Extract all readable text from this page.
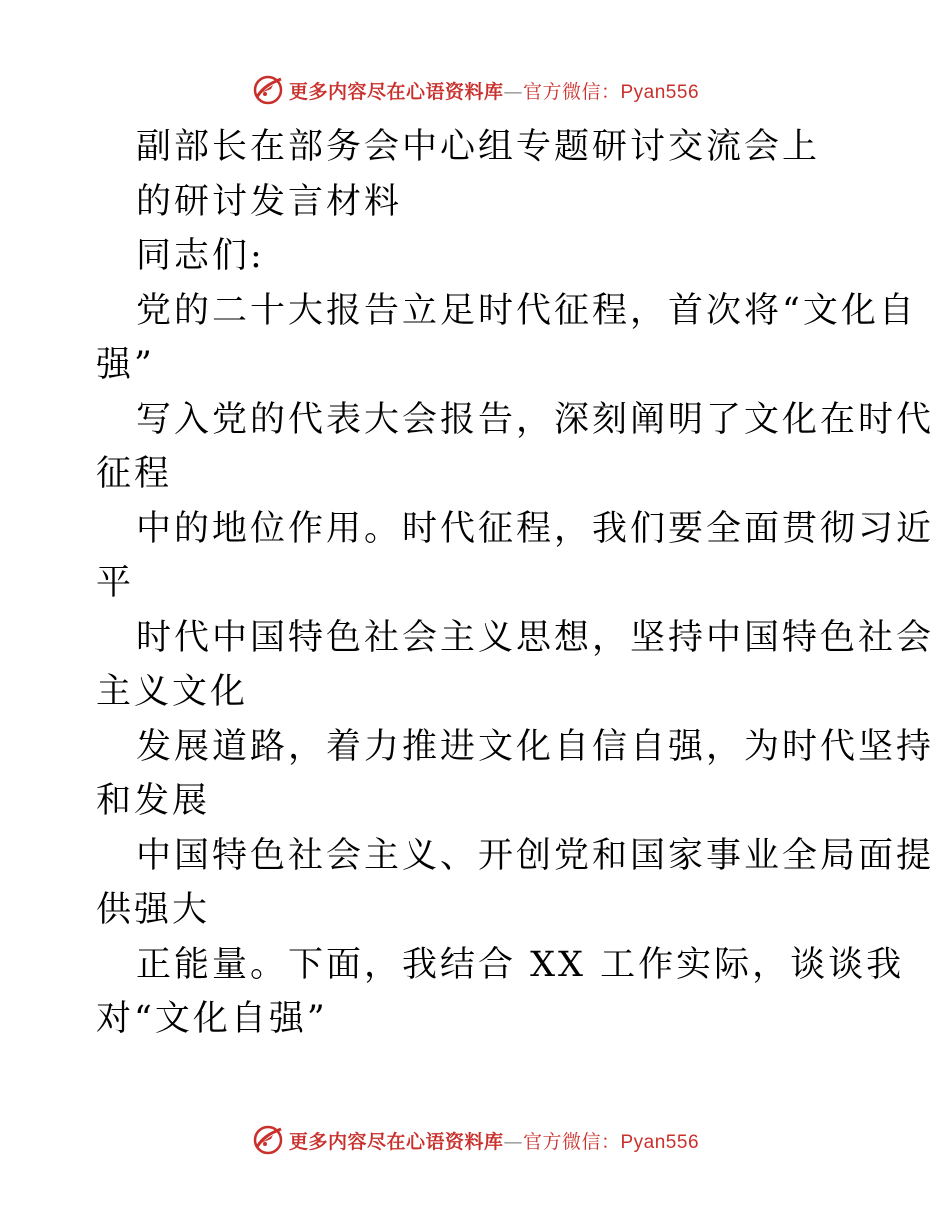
更多内容尽在心语资料库—官方微信：Pyan556
副部长在部务会中心组专题研讨交流会上
的研讨发言材料
同志们:
党的二十大报告立足时代征程，首次将“文化自
强”
写入党的代表大会报告，深刻阐明了文化在时代
征程
中的地位作用。时代征程，我们要全面贯彻习近
平
时代中国特色社会主义思想，坚持中国特色社会
主义文化
发展道路，着力推进文化自信自强，为时代坚持
和发展
中国特色社会主义、开创党和国家事业全局面提
供强大
正能量。下面，我结合 XX 工作实际，谈谈我
对“文化自强”
更多内容尽在心语资料库—官方微信：Pyan556
